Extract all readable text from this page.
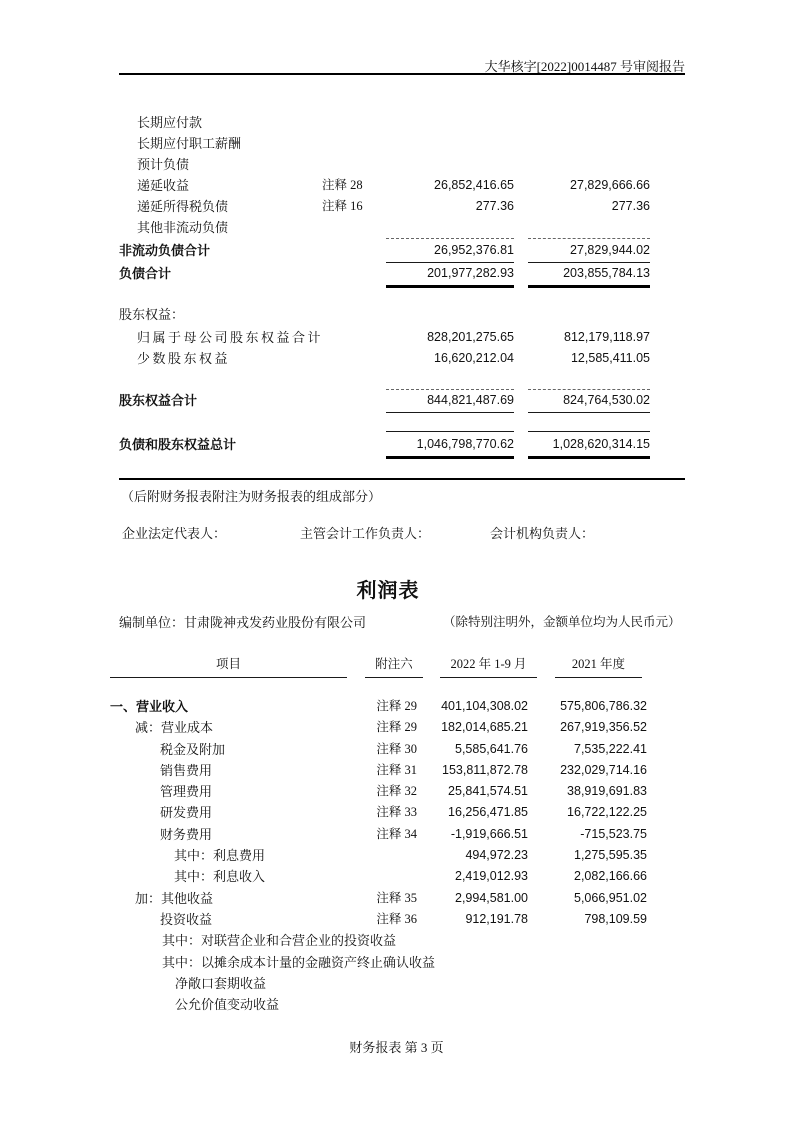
大华核字[2022]0014487 号审阅报告
长期应付款
长期应付职工薪酬
预计负债
递延收益	注释 28	26,852,416.65	27,829,666.66
递延所得税负债	注释 16	277.36	277.36
其他非流动负债
非流动负债合计	26,952,376.81	27,829,944.02
负债合计	201,977,282.93	203,855,784.13
股东权益：
归属于母公司股东权益合计	828,201,275.65	812,179,118.97
少数股东权益	16,620,212.04	12,585,411.05
股东权益合计	844,821,487.69	824,764,530.02
负债和股东权益总计	1,046,798,770.62	1,028,620,314.15
（后附财务报表附注为财务报表的组成部分）
企业法定代表人：	主管会计工作负责人：	会计机构负责人：
利润表
编制单位：甘肃陇神戎发药业股份有限公司	（除特别注明外，金额单位均为人民币元）
项目	附注六	2022 年 1-9 月	2021 年度
一、营业收入	注释 29	401,104,308.02	575,806,786.32
减：营业成本	注释 29	182,014,685.21	267,919,356.52
税金及附加	注释 30	5,585,641.76	7,535,222.41
销售费用	注释 31	153,811,872.78	232,029,714.16
管理费用	注释 32	25,841,574.51	38,919,691.83
研发费用	注释 33	16,256,471.85	16,722,122.25
财务费用	注释 34	-1,919,666.51	-715,523.75
其中：利息费用	494,972.23	1,275,595.35
其中：利息收入	2,419,012.93	2,082,166.66
加：其他收益	注释 35	2,994,581.00	5,066,951.02
投资收益	注释 36	912,191.78	798,109.59
其中：对联营企业和合营企业的投资收益
其中：以摊余成本计量的金融资产终止确认收益
净敞口套期收益
公允价值变动收益
财务报表 第 3 页
